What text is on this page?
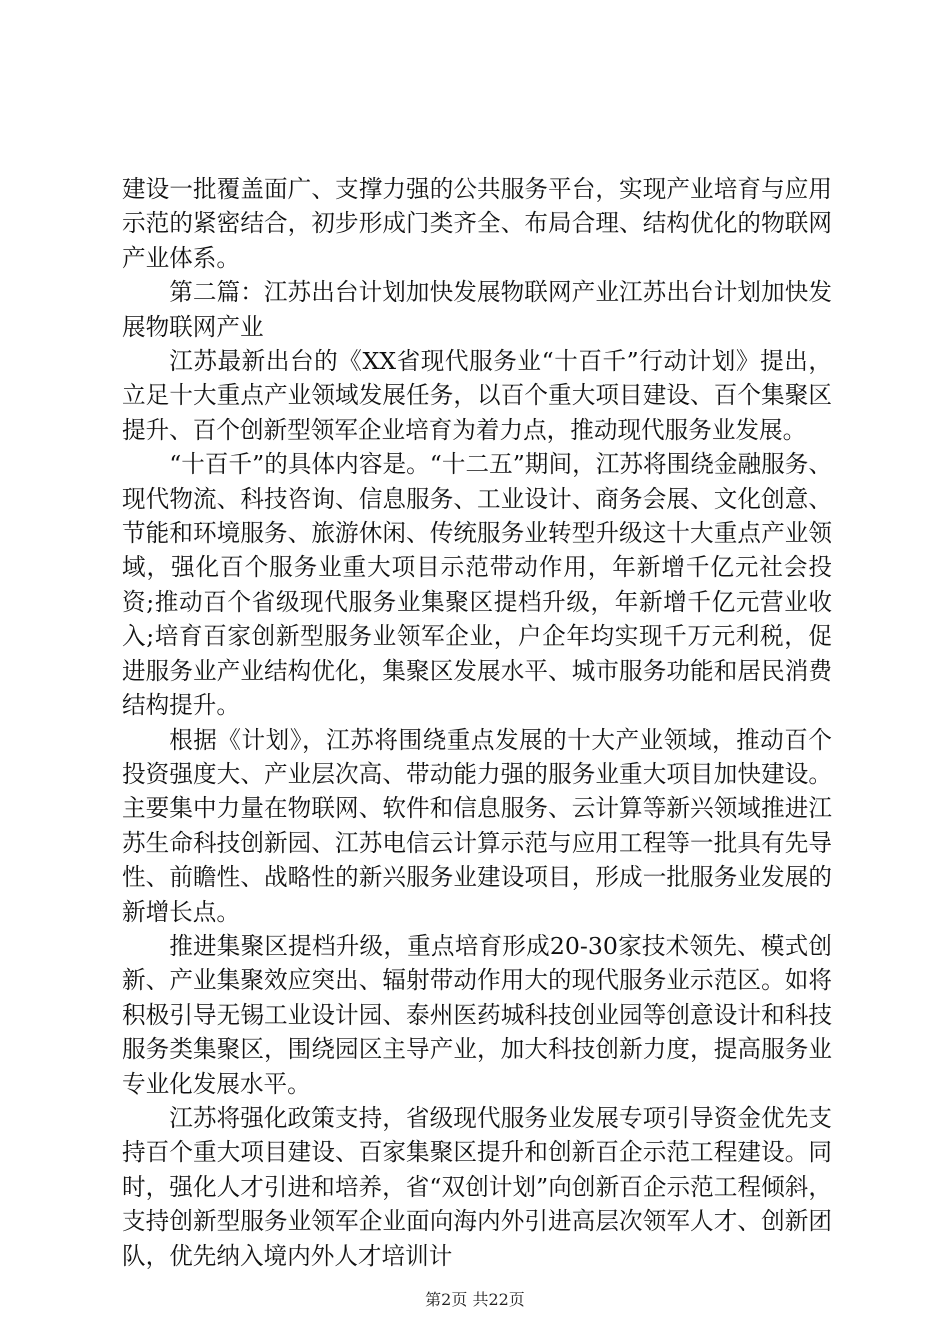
建设一批覆盖面广、支撑力强的公共服务平台，实现产业培育与应用示范的紧密结合，初步形成门类齐全、布局合理、结构优化的物联网产业体系。

第二篇：江苏出台计划加快发展物联网产业江苏出台计划加快发展物联网产业

江苏最新出台的《XX省现代服务业“十百千”行动计划》提出，立足十大重点产业领域发展任务，以百个重大项目建设、百个集聚区提升、百个创新型领军企业培育为着力点，推动现代服务业发展。

“十百千”的具体内容是。“十二五”期间，江苏将围绕金融服务、现代物流、科技咨询、信息服务、工业设计、商务会展、文化创意、节能和环境服务、旅游休闲、传统服务业转型升级这十大重点产业领域，强化百个服务业重大项目示范带动作用，年新增千亿元社会投资;推动百个省级现代服务业集聚区提档升级，年新增千亿元营业收入;培育百家创新型服务业领军企业，户企年均实现千万元利税，促进服务业产业结构优化，集聚区发展水平、城市服务功能和居民消费结构提升。

根据《计划》，江苏将围绕重点发展的十大产业领域，推动百个投资强度大、产业层次高、带动能力强的服务业重大项目加快建设。主要集中力量在物联网、软件和信息服务、云计算等新兴领域推进江苏生命科技创新园、江苏电信云计算示范与应用工程等一批具有先导性、前瞻性、战略性的新兴服务业建设项目，形成一批服务业发展的新增长点。

推进集聚区提档升级，重点培育形成20-30家技术领先、模式创新、产业集聚效应突出、辐射带动作用大的现代服务业示范区。如将积极引导无锡工业设计园、泰州医药城科技创业园等创意设计和科技服务类集聚区，围绕园区主导产业，加大科技创新力度，提高服务业专业化发展水平。

江苏将强化政策支持，省级现代服务业发展专项引导资金优先支持百个重大项目建设、百家集聚区提升和创新百企示范工程建设。同时，强化人才引进和培养，省“双创计划”向创新百企示范工程倾斜，支持创新型服务业领军企业面向海内外引进高层次领军人才、创新团队，优先纳入境内外人才培训计

第2页 共22页
